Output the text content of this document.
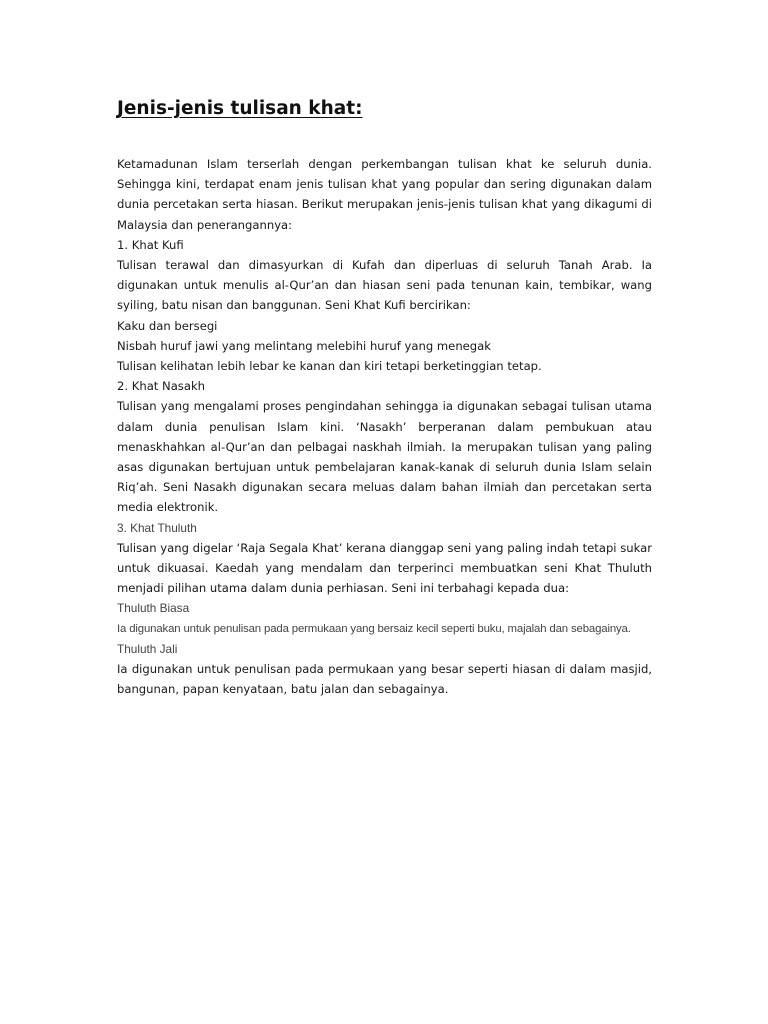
Jenis-jenis tulisan khat:

Ketamadunan Islam terserlah dengan perkembangan tulisan khat ke seluruh dunia. Sehingga kini, terdapat enam jenis tulisan khat yang popular dan sering digunakan dalam dunia percetakan serta hiasan. Berikut merupakan jenis-jenis tulisan khat yang dikagumi di Malaysia dan penerangannya:

1. Khat Kufi

Tulisan terawal dan dimasyurkan di Kufah dan diperluas di seluruh Tanah Arab. Ia digunakan untuk menulis al-Qur’an dan hiasan seni pada tenunan kain, tembikar, wang syiling, batu nisan dan banggunan. Seni Khat Kufi bercirikan:

Kaku dan bersegi

Nisbah huruf jawi yang melintang melebihi huruf yang menegak

Tulisan kelihatan lebih lebar ke kanan dan kiri tetapi berketinggian tetap.

2. Khat Nasakh

Tulisan yang mengalami proses pengindahan sehingga ia digunakan sebagai tulisan utama dalam dunia penulisan Islam kini. ‘Nasakh’ berperanan dalam pembukuan atau menaskhahkan al-Qur’an dan pelbagai naskhah ilmiah. Ia merupakan tulisan yang paling asas digunakan bertujuan untuk pembelajaran kanak-kanak di seluruh dunia Islam selain Riq’ah. Seni Nasakh digunakan secara meluas dalam bahan ilmiah dan percetakan serta media elektronik.

3. Khat Thuluth

Tulisan yang digelar ‘Raja Segala Khat’ kerana dianggap seni yang paling indah tetapi sukar untuk dikuasai. Kaedah yang mendalam dan terperinci membuatkan seni Khat Thuluth menjadi pilihan utama dalam dunia perhiasan. Seni ini terbahagi kepada dua:

Thuluth Biasa

Ia digunakan untuk penulisan pada permukaan yang bersaiz kecil seperti buku, majalah dan sebagainya.

Thuluth Jali

Ia digunakan untuk penulisan pada permukaan yang besar seperti hiasan di dalam masjid, bangunan, papan kenyataan, batu jalan dan sebagainya.
